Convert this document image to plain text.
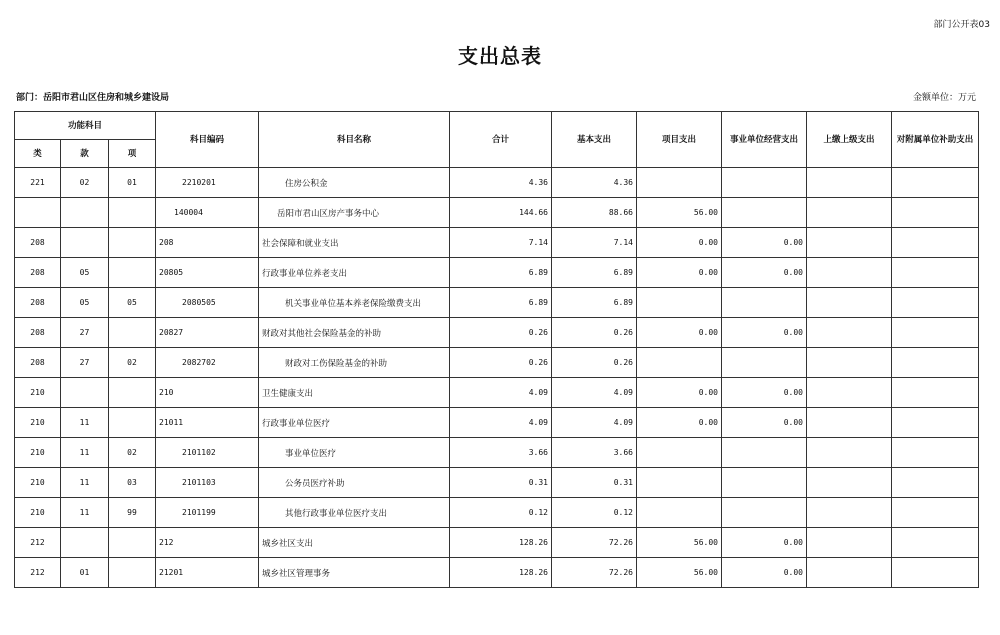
部门公开表03
支出总表
部门：岳阳市君山区住房和城乡建设局	金额单位：万元
功能科目			科目编码	科目名称	合计	基本支出	项目支出	事业单位经营支出	上缴上级支出	对附属单位补助支出
类	款	项								
221	02	01	2210201	住房公积金	4.36	4.36				
			140004	岳阳市君山区房产事务中心	144.66	88.66	56.00			
208			208	社会保障和就业支出	7.14	7.14	0.00	0.00		
208	05		20805	行政事业单位养老支出	6.89	6.89	0.00	0.00		
208	05	05	2080505	机关事业单位基本养老保险缴费支出	6.89	6.89				
208	27		20827	财政对其他社会保险基金的补助	0.26	0.26	0.00	0.00		
208	27	02	2082702	财政对工伤保险基金的补助	0.26	0.26				
210			210	卫生健康支出	4.09	4.09	0.00	0.00		
210	11		21011	行政事业单位医疗	4.09	4.09	0.00	0.00		
210	11	02	2101102	事业单位医疗	3.66	3.66				
210	11	03	2101103	公务员医疗补助	0.31	0.31				
210	11	99	2101199	其他行政事业单位医疗支出	0.12	0.12				
212			212	城乡社区支出	128.26	72.26	56.00	0.00		
212	01		21201	城乡社区管理事务	128.26	72.26	56.00	0.00		
